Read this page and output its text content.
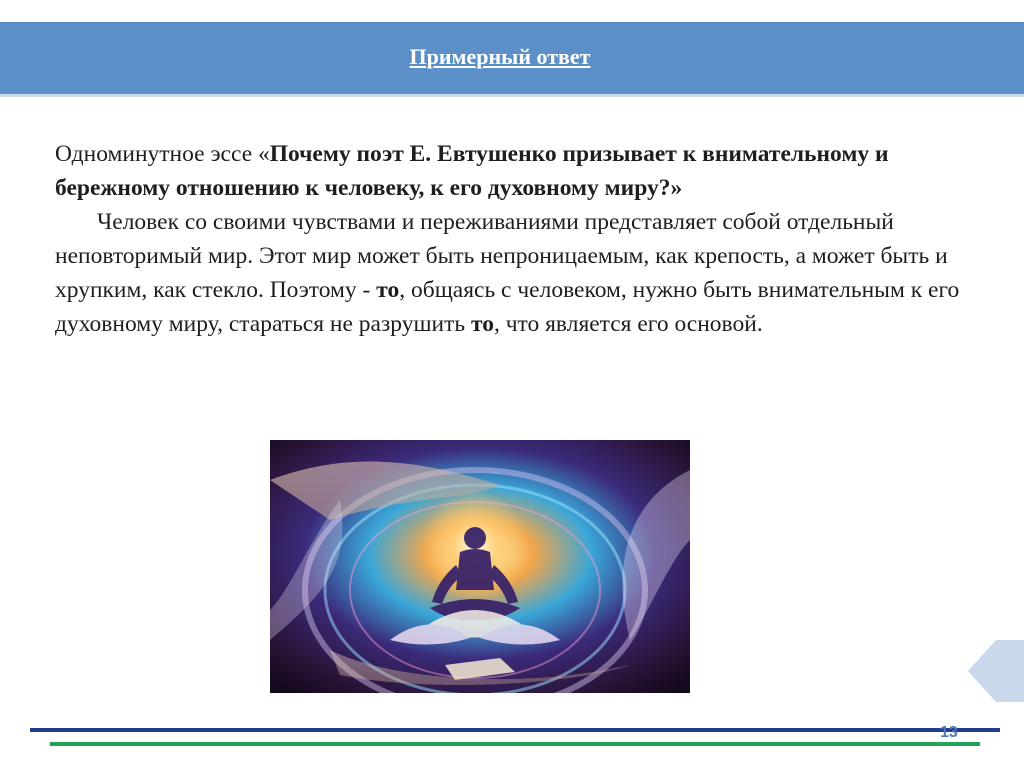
Примерный ответ

Одноминутное эссе «Почему поэт Е. Евтушенко призывает к внимательному и бережному отношению к человеку, к его духовному миру?»

Человек со своими чувствами и переживаниями представляет собой отдельный неповторимый мир. Этот мир может быть непроницаемым, как крепость, а может быть и хрупким, как стекло. Поэтому - то, общаясь с человеком, нужно быть внимательным к его духовному миру, стараться не разрушить то, что является его основой.

13
